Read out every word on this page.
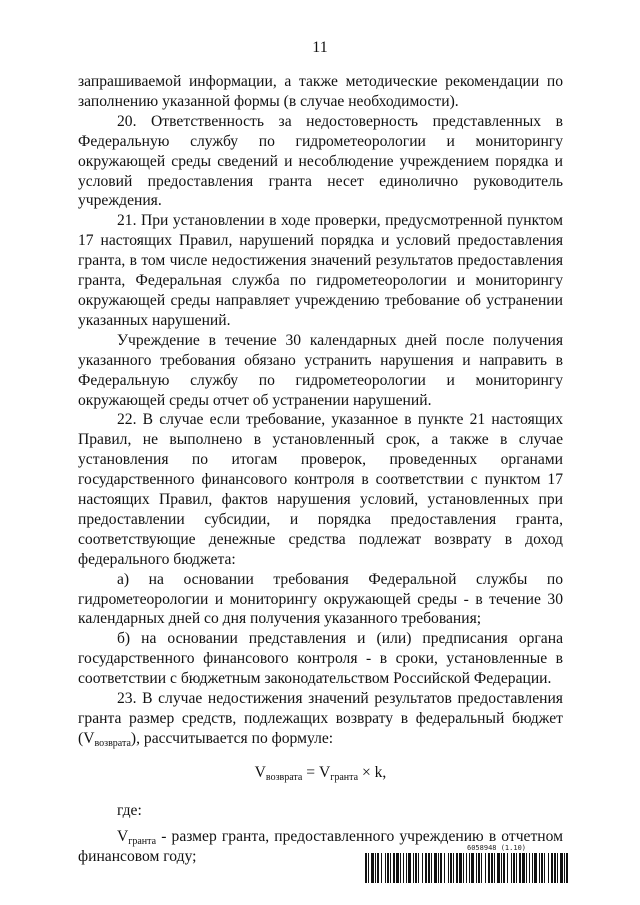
11

запрашиваемой информации, а также методические рекомендации по заполнению указанной формы (в случае необходимости).

20. Ответственность за недостоверность представленных в Федеральную службу по гидрометеорологии и мониторингу окружающей среды сведений и несоблюдение учреждением порядка и условий предоставления гранта несет единолично руководитель учреждения.

21. При установлении в ходе проверки, предусмотренной пунктом 17 настоящих Правил, нарушений порядка и условий предоставления гранта, в том числе недостижения значений результатов предоставления гранта, Федеральная служба по гидрометеорологии и мониторингу окружающей среды направляет учреждению требование об устранении указанных нарушений.

Учреждение в течение 30 календарных дней после получения указанного требования обязано устранить нарушения и направить в Федеральную службу по гидрометеорологии и мониторингу окружающей среды отчет об устранении нарушений.

22. В случае если требование, указанное в пункте 21 настоящих Правил, не выполнено в установленный срок, а также в случае установления по итогам проверок, проведенных органами государственного финансового контроля в соответствии с пунктом 17 настоящих Правил, фактов нарушения условий, установленных при предоставлении субсидии, и порядка предоставления гранта, соответствующие денежные средства подлежат возврату в доход федерального бюджета:

а) на основании требования Федеральной службы по гидрометеорологии и мониторингу окружающей среды - в течение 30 календарных дней со дня получения указанного требования;

б) на основании представления и (или) предписания органа государственного финансового контроля - в сроки, установленные в соответствии с бюджетным законодательством Российской Федерации.

23. В случае недостижения значений результатов предоставления гранта размер средств, подлежащих возврату в федеральный бюджет $(V_{возврата})$, рассчитывается по формуле:

$V_{возврата} = V_{гранта} \times k$,

где:

$V_{гранта}$ - размер гранта, предоставленного учреждению в отчетном финансовом году;	6058948 (1.10)
